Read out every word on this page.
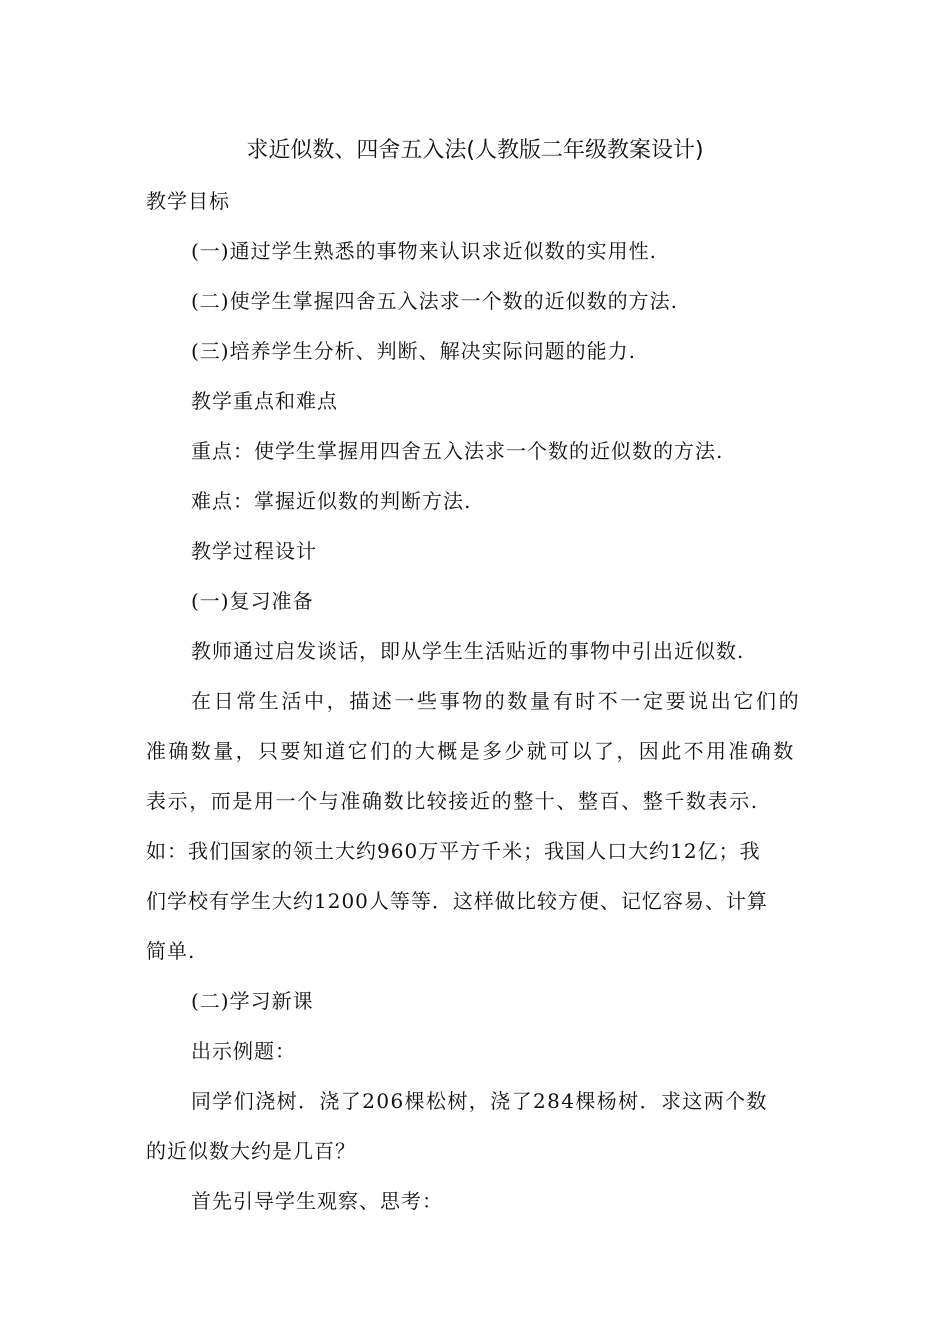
求近似数、四舍五入法(人教版二年级教案设计)
教学目标
(一)通过学生熟悉的事物来认识求近似数的实用性.
(二)使学生掌握四舍五入法求一个数的近似数的方法.
(三)培养学生分析、判断、解决实际问题的能力.
教学重点和难点
重点：使学生掌握用四舍五入法求一个数的近似数的方法.
难点：掌握近似数的判断方法.
教学过程设计
(一)复习准备
教师通过启发谈话，即从学生生活贴近的事物中引出近似数.
在日常生活中，描述一些事物的数量有时不一定要说出它们的
准确数量，只要知道它们的大概是多少就可以了，因此不用准确数
表示，而是用一个与准确数比较接近的整十、整百、整千数表示.
如：我们国家的领土大约960万平方千米；我国人口大约12亿；我
们学校有学生大约1200人等等．这样做比较方便、记忆容易、计算
简单.
(二)学习新课
出示例题：
同学们浇树．浇了206棵松树，浇了284棵杨树．求这两个数
的近似数大约是几百？
首先引导学生观察、思考：
